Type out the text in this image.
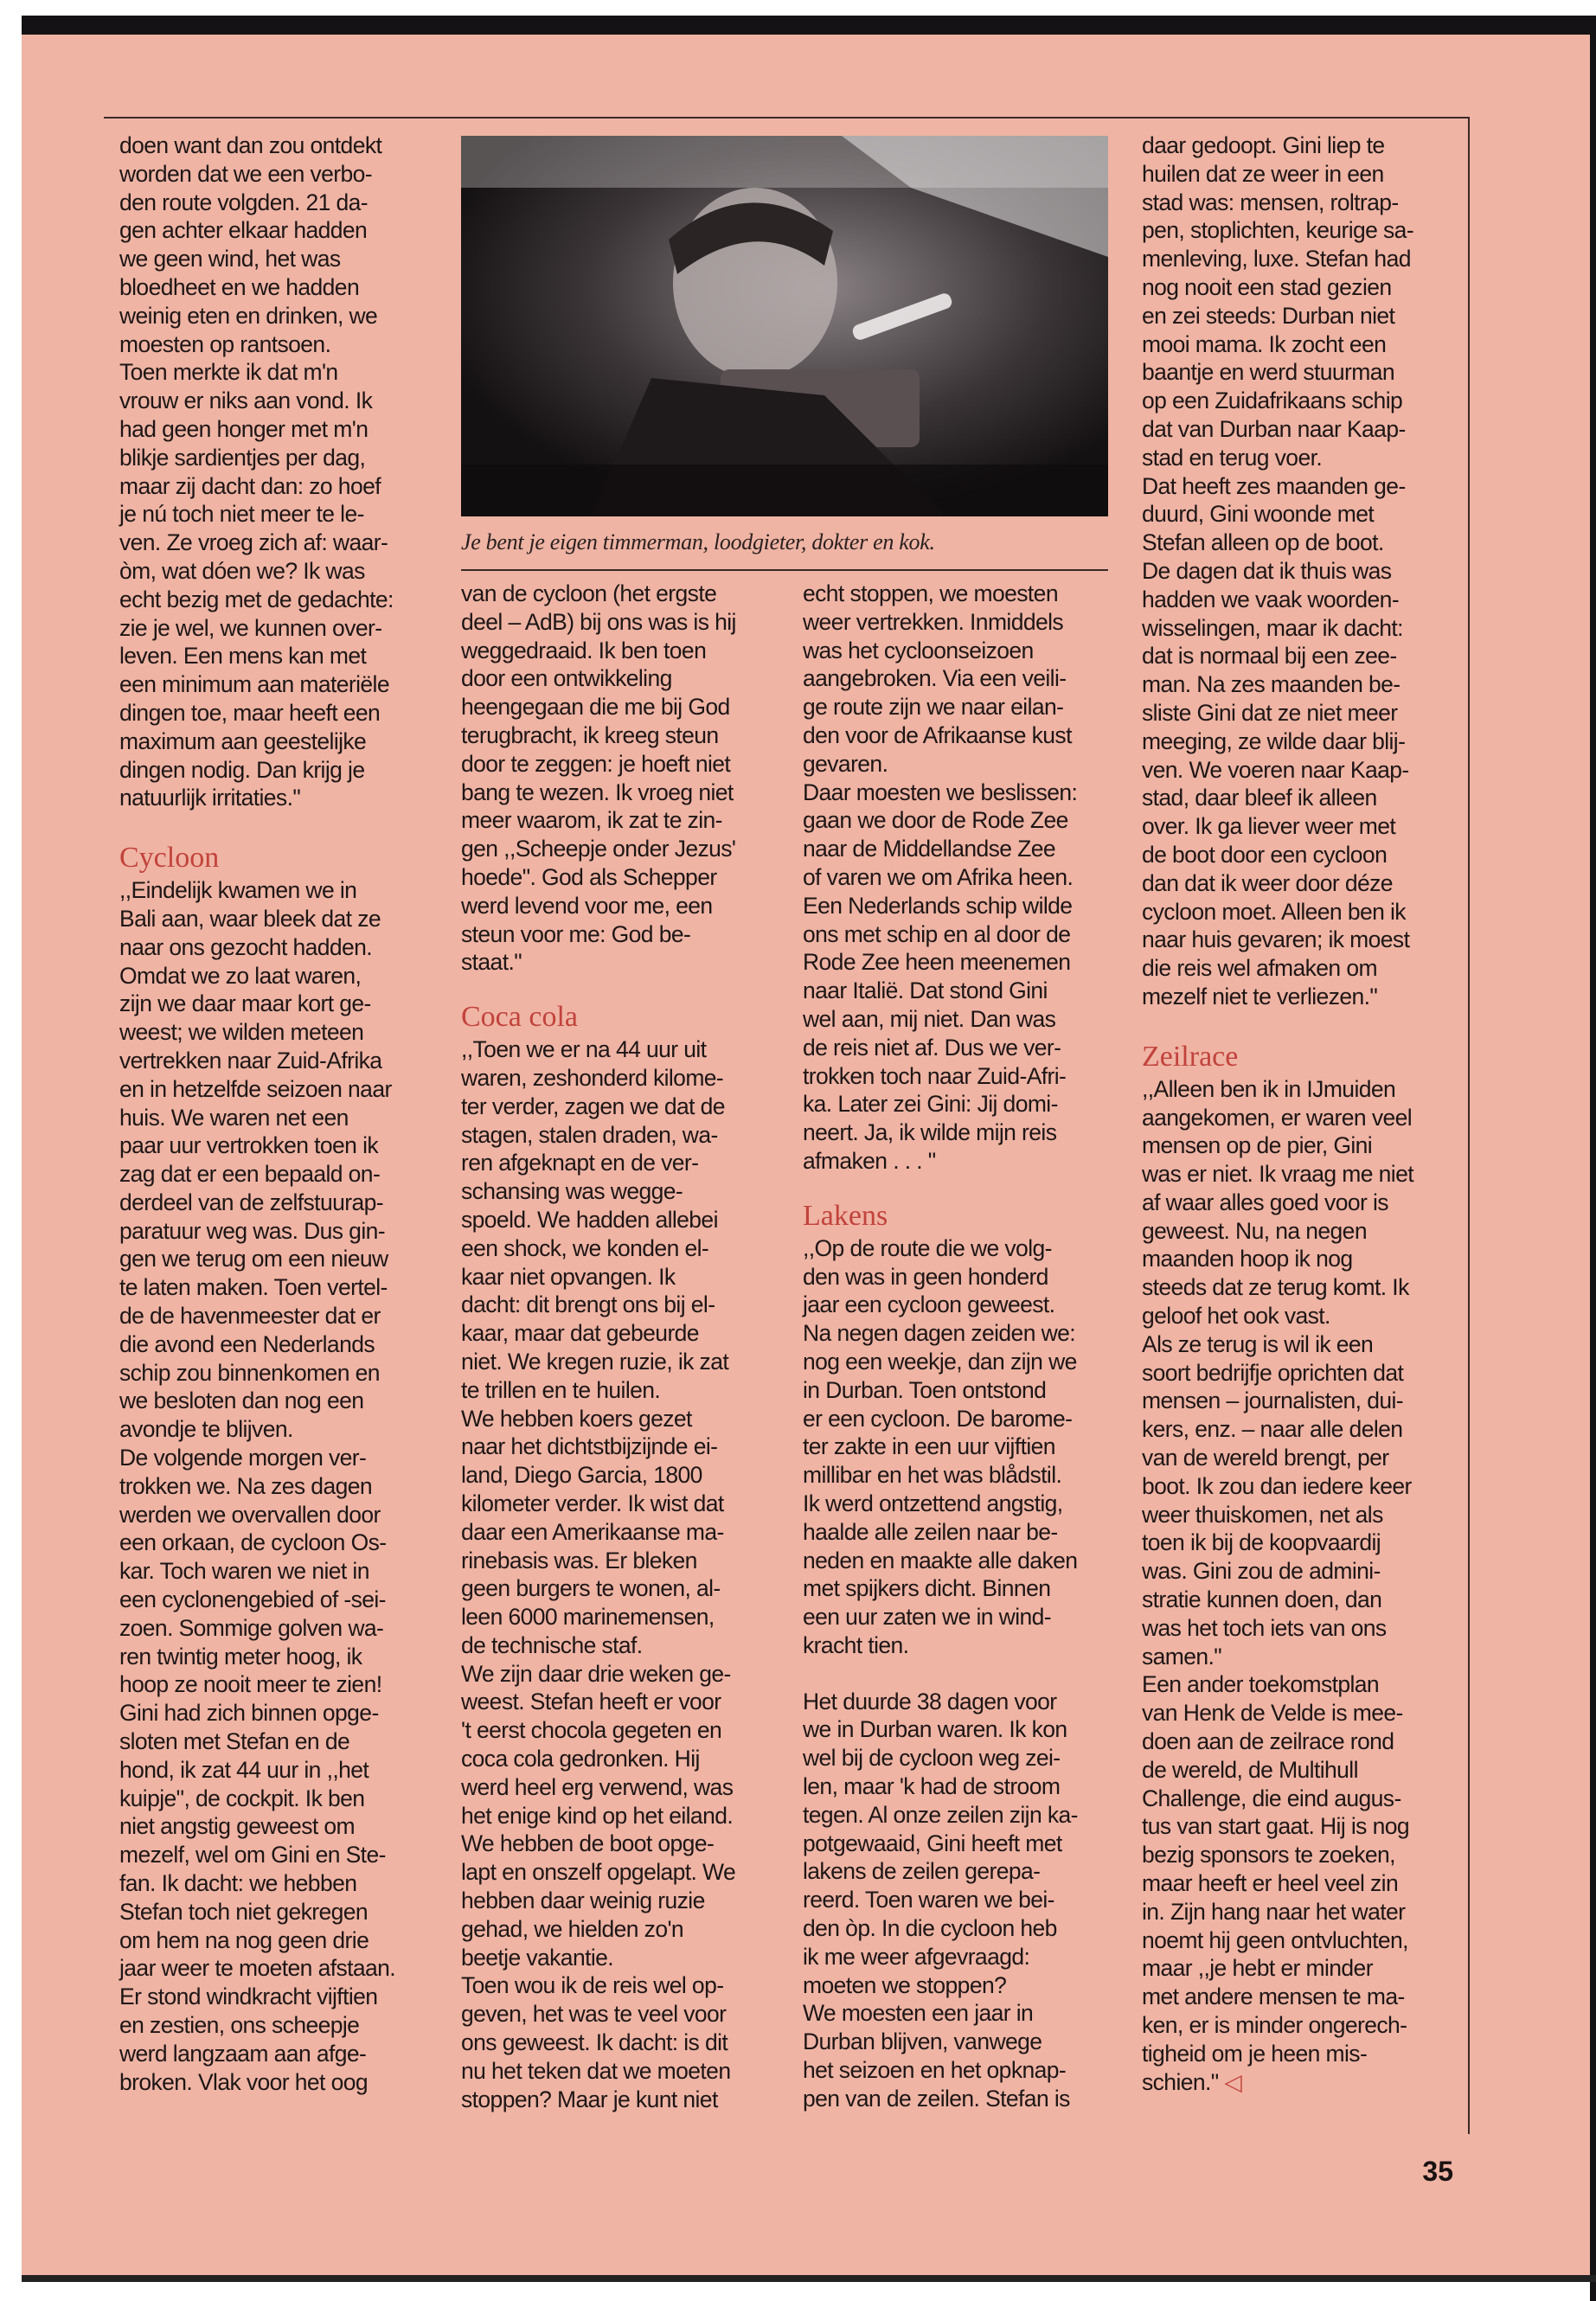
doen want dan zou ontdekt
worden dat we een verbo-
den route volgden. 21 da-
gen achter elkaar hadden
we geen wind, het was
bloedheet en we hadden
weinig eten en drinken, we
moesten op rantsoen.
Toen merkte ik dat m'n
vrouw er niks aan vond. Ik
had geen honger met m'n
blikje sardientjes per dag,
maar zij dacht dan: zo hoef
je nú toch niet meer te le-
ven. Ze vroeg zich af: waar-
òm, wat dóen we? Ik was
echt bezig met de gedachte:
zie je wel, we kunnen over-
leven. Een mens kan met
een minimum aan materiële
dingen toe, maar heeft een
maximum aan geestelijke
dingen nodig. Dan krijg je
natuurlijk irritaties."

Cycloon

,,Eindelijk kwamen we in
Bali aan, waar bleek dat ze
naar ons gezocht hadden.
Omdat we zo laat waren,
zijn we daar maar kort ge-
weest; we wilden meteen
vertrekken naar Zuid-Afrika
en in hetzelfde seizoen naar
huis. We waren net een
paar uur vertrokken toen ik
zag dat er een bepaald on-
derdeel van de zelfstuurap-
paratuur weg was. Dus gin-
gen we terug om een nieuw
te laten maken. Toen vertel-
de de havenmeester dat er
die avond een Nederlands
schip zou binnenkomen en
we besloten dan nog een
avondje te blijven.
De volgende morgen ver-
trokken we. Na zes dagen
werden we overvallen door
een orkaan, de cycloon Os-
kar. Toch waren we niet in
een cyclonengebied of -sei-
zoen. Sommige golven wa-
ren twintig meter hoog, ik
hoop ze nooit meer te zien!
Gini had zich binnen opge-
sloten met Stefan en de
hond, ik zat 44 uur in ,,het
kuipje", de cockpit. Ik ben
niet angstig geweest om
mezelf, wel om Gini en Ste-
fan. Ik dacht: we hebben
Stefan toch niet gekregen
om hem na nog geen drie
jaar weer te moeten afstaan.
Er stond windkracht vijftien
en zestien, ons scheepje
werd langzaam aan afge-
broken. Vlak voor het oog

Je bent je eigen timmerman, loodgieter, dokter en kok.

van de cycloon (het ergste
deel – AdB) bij ons was is hij
weggedraaid. Ik ben toen
door een ontwikkeling
heengegaan die me bij God
terugbracht, ik kreeg steun
door te zeggen: je hoeft niet
bang te wezen. Ik vroeg niet
meer waarom, ik zat te zin-
gen ,,Scheepje onder Jezus'
hoede". God als Schepper
werd levend voor me, een
steun voor me: God be-
staat."

Coca cola

,,Toen we er na 44 uur uit
waren, zeshonderd kilome-
ter verder, zagen we dat de
stagen, stalen draden, wa-
ren afgeknapt en de ver-
schansing was wegge-
spoeld. We hadden allebei
een shock, we konden el-
kaar niet opvangen. Ik
dacht: dit brengt ons bij el-
kaar, maar dat gebeurde
niet. We kregen ruzie, ik zat
te trillen en te huilen.
We hebben koers gezet
naar het dichtstbijzijnde ei-
land, Diego Garcia, 1800
kilometer verder. Ik wist dat
daar een Amerikaanse ma-
rinebasis was. Er bleken
geen burgers te wonen, al-
leen 6000 marinemensen,
de technische staf.
We zijn daar drie weken ge-
weest. Stefan heeft er voor
't eerst chocola gegeten en
coca cola gedronken. Hij
werd heel erg verwend, was
het enige kind op het eiland.
We hebben de boot opge-
lapt en onszelf opgelapt. We
hebben daar weinig ruzie
gehad, we hielden zo'n
beetje vakantie.
Toen wou ik de reis wel op-
geven, het was te veel voor
ons geweest. Ik dacht: is dit
nu het teken dat we moeten
stoppen? Maar je kunt niet

echt stoppen, we moesten
weer vertrekken. Inmiddels
was het cycloonseizoen
aangebroken. Via een veili-
ge route zijn we naar eilan-
den voor de Afrikaanse kust
gevaren.
Daar moesten we beslissen:
gaan we door de Rode Zee
naar de Middellandse Zee
of varen we om Afrika heen.
Een Nederlands schip wilde
ons met schip en al door de
Rode Zee heen meenemen
naar Italië. Dat stond Gini
wel aan, mij niet. Dan was
de reis niet af. Dus we ver-
trokken toch naar Zuid-Afri-
ka. Later zei Gini: Jij domi-
neert. Ja, ik wilde mijn reis
afmaken . . . "

Lakens

,,Op de route die we volg-
den was in geen honderd
jaar een cycloon geweest.
Na negen dagen zeiden we:
nog een weekje, dan zijn we
in Durban. Toen ontstond
er een cycloon. De barome-
ter zakte in een uur vijftien
millibar en het was blådstil.
Ik werd ontzettend angstig,
haalde alle zeilen naar be-
neden en maakte alle daken
met spijkers dicht. Binnen
een uur zaten we in wind-
kracht tien.

Het duurde 38 dagen voor
we in Durban waren. Ik kon
wel bij de cycloon weg zei-
len, maar 'k had de stroom
tegen. Al onze zeilen zijn ka-
potgewaaid, Gini heeft met
lakens de zeilen gerepa-
reerd. Toen waren we bei-
den òp. In die cycloon heb
ik me weer afgevraagd:
moeten we stoppen?
We moesten een jaar in
Durban blijven, vanwege
het seizoen en het opknap-
pen van de zeilen. Stefan is

daar gedoopt. Gini liep te
huilen dat ze weer in een
stad was: mensen, roltrap-
pen, stoplichten, keurige sa-
menleving, luxe. Stefan had
nog nooit een stad gezien
en zei steeds: Durban niet
mooi mama. Ik zocht een
baantje en werd stuurman
op een Zuidafrikaans schip
dat van Durban naar Kaap-
stad en terug voer.
Dat heeft zes maanden ge-
duurd, Gini woonde met
Stefan alleen op de boot.
De dagen dat ik thuis was
hadden we vaak woorden-
wisselingen, maar ik dacht:
dat is normaal bij een zee-
man. Na zes maanden be-
sliste Gini dat ze niet meer
meeging, ze wilde daar blij-
ven. We voeren naar Kaap-
stad, daar bleef ik alleen
over. Ik ga liever weer met
de boot door een cycloon
dan dat ik weer door déze
cycloon moet. Alleen ben ik
naar huis gevaren; ik moest
die reis wel afmaken om
mezelf niet te verliezen."

Zeilrace

,,Alleen ben ik in IJmuiden
aangekomen, er waren veel
mensen op de pier, Gini
was er niet. Ik vraag me niet
af waar alles goed voor is
geweest. Nu, na negen
maanden hoop ik nog
steeds dat ze terug komt. Ik
geloof het ook vast.
Als ze terug is wil ik een
soort bedrijfje oprichten dat
mensen – journalisten, dui-
kers, enz. – naar alle delen
van de wereld brengt, per
boot. Ik zou dan iedere keer
weer thuiskomen, net als
toen ik bij de koopvaardij
was. Gini zou de admini-
stratie kunnen doen, dan
was het toch iets van ons
samen."
Een ander toekomstplan
van Henk de Velde is mee-
doen aan de zeilrace rond
de wereld, de Multihull
Challenge, die eind augus-
tus van start gaat. Hij is nog
bezig sponsors te zoeken,
maar heeft er heel veel zin
in. Zijn hang naar het water
noemt hij geen ontvluchten,
maar ,,je hebt er minder
met andere mensen te ma-
ken, er is minder ongerech-
tigheid om je heen mis-
schien." ◁

35
